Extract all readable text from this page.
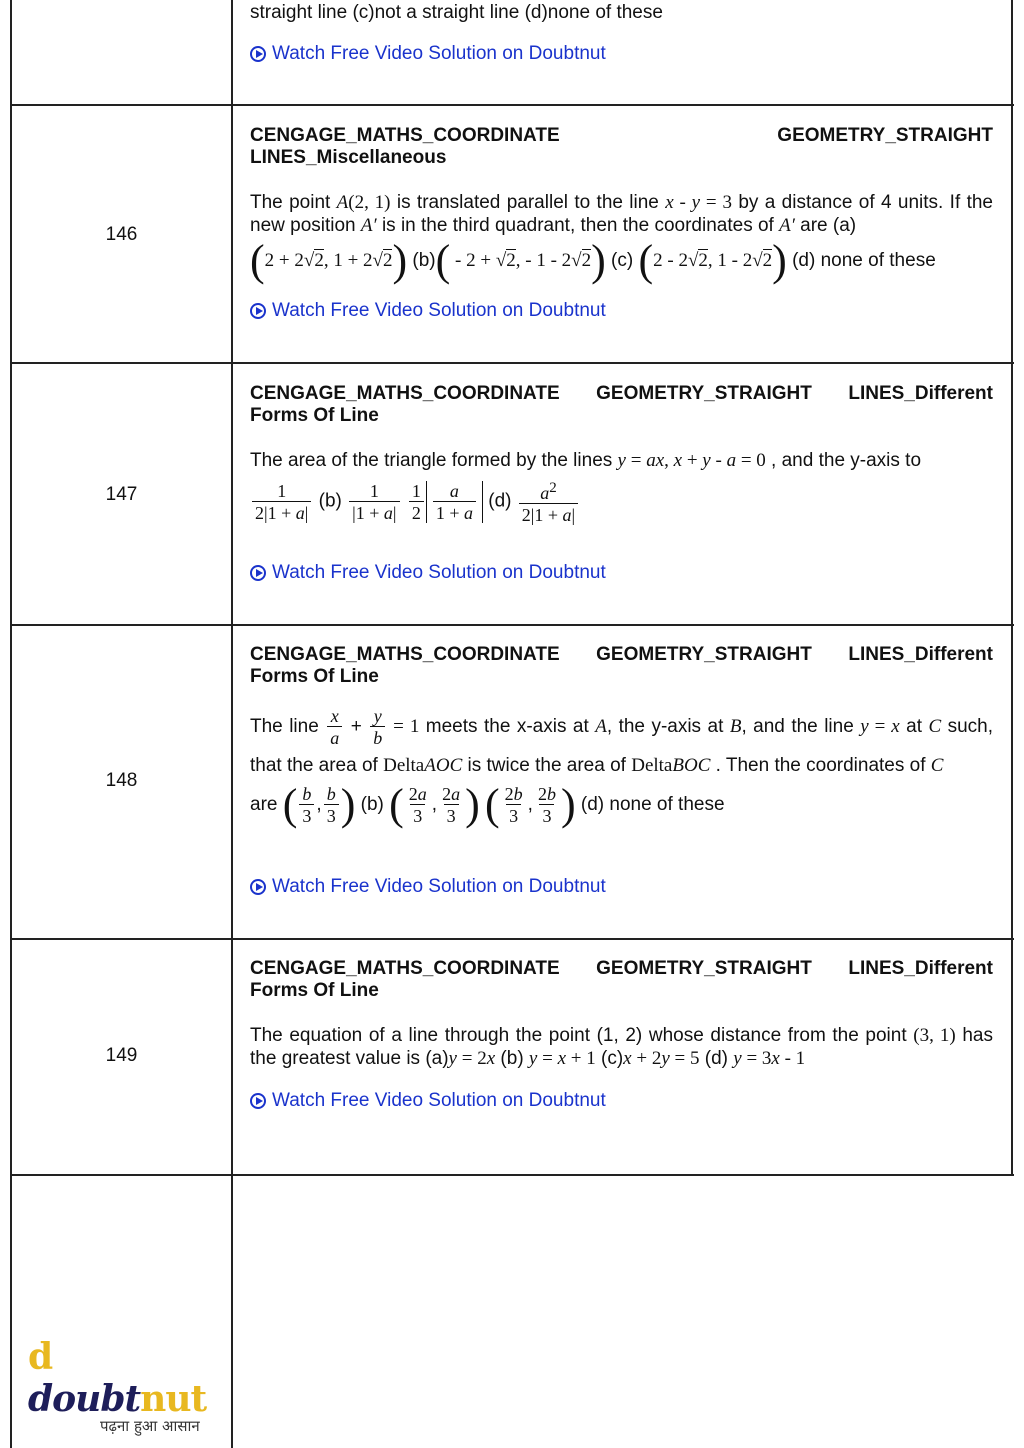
straight line (c)not a straight line (d)none of these
Watch Free Video Solution on Doubtnut
146
CENGAGE_MATHS_COORDINATE	GEOMETRY_STRAIGHT
LINES_Miscellaneous
The point A(2, 1) is translated parallel to the line x - y = 3 by a distance of 4 units. If the new position A′ is in the third quadrant, then the coordinates of A′ are (a)
(2 + 2√2, 1 + 2√2) (b)( - 2 + √2, - 1 - 2√2) (c) (2 - 2√2, 1 - 2√2) (d) none of these
Watch Free Video Solution on Doubtnut
147
CENGAGE_MATHS_COORDINATE GEOMETRY_STRAIGHT LINES_Different
Forms Of Line
The area of the triangle formed by the lines y = ax, x + y - a = 0 , and the y-axis to
$\frac{1}{2|1 + a|} (b) \frac{1}{|1 + a|}$
$\frac{1}{2} \frac{a}{1 + a} (d) \frac{a^2}{2|1 + a|}$
Watch Free Video Solution on Doubtnut
148
CENGAGE_MATHS_COORDINATE GEOMETRY_STRAIGHT LINES_Different
Forms Of Line
The line $\frac{x}{a} + \frac{y}{b} = 1$ meets the x-axis at A, the y-axis at B, and the line y = x at C such, that the area of DeltaAOC is twice the area of DeltaBOC . Then the coordinates of C
are ( $\frac{b}{3}$ , $\frac{b}{3}$ ) (b) ( $\frac{2a}{3}$ , $\frac{2a}{3}$ ) ( $\frac{2b}{3}$ , $\frac{2b}{3}$ ) (d) none of these
Watch Free Video Solution on Doubtnut
149
CENGAGE_MATHS_COORDINATE GEOMETRY_STRAIGHT LINES_Different
Forms Of Line
The equation of a line through the point (1, 2) whose distance from the point (3, 1) has the greatest value is (a)y = 2x (b) y = x + 1 (c)x + 2y = 5 (d) y = 3x - 1
Watch Free Video Solution on Doubtnut
d doubtnut
पढ़ना हुआ आसान
